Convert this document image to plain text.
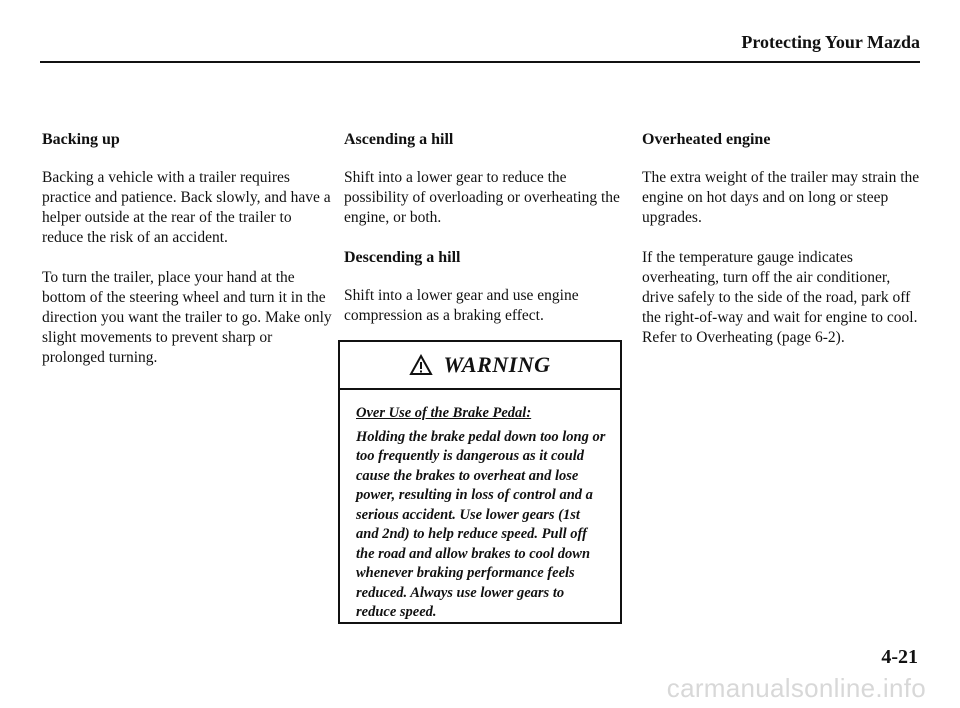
Protecting Your Mazda
Backing up

Backing a vehicle with a trailer requires practice and patience. Back slowly, and have a helper outside at the rear of the trailer to reduce the risk of an accident.

To turn the trailer, place your hand at the bottom of the steering wheel and turn it in the direction you want the trailer to go. Make only slight movements to prevent sharp or prolonged turning.

Ascending a hill

Shift into a lower gear to reduce the possibility of overloading or overheating the engine, or both.

Descending a hill

Shift into a lower gear and use engine compression as a braking effect.

WARNING
Over Use of the Brake Pedal:
Holding the brake pedal down too long or too frequently is dangerous as it could cause the brakes to overheat and lose power, resulting in loss of control and a serious accident. Use lower gears (1st and 2nd) to help reduce speed. Pull off the road and allow brakes to cool down whenever braking performance feels reduced. Always use lower gears to reduce speed.
Overheated engine

The extra weight of the trailer may strain the engine on hot days and on long or steep upgrades.

If the temperature gauge indicates overheating, turn off the air conditioner, drive safely to the side of the road, park off the right-of-way and wait for engine to cool. Refer to Overheating (page 6-2).

4-21
carmanualsonline.info
